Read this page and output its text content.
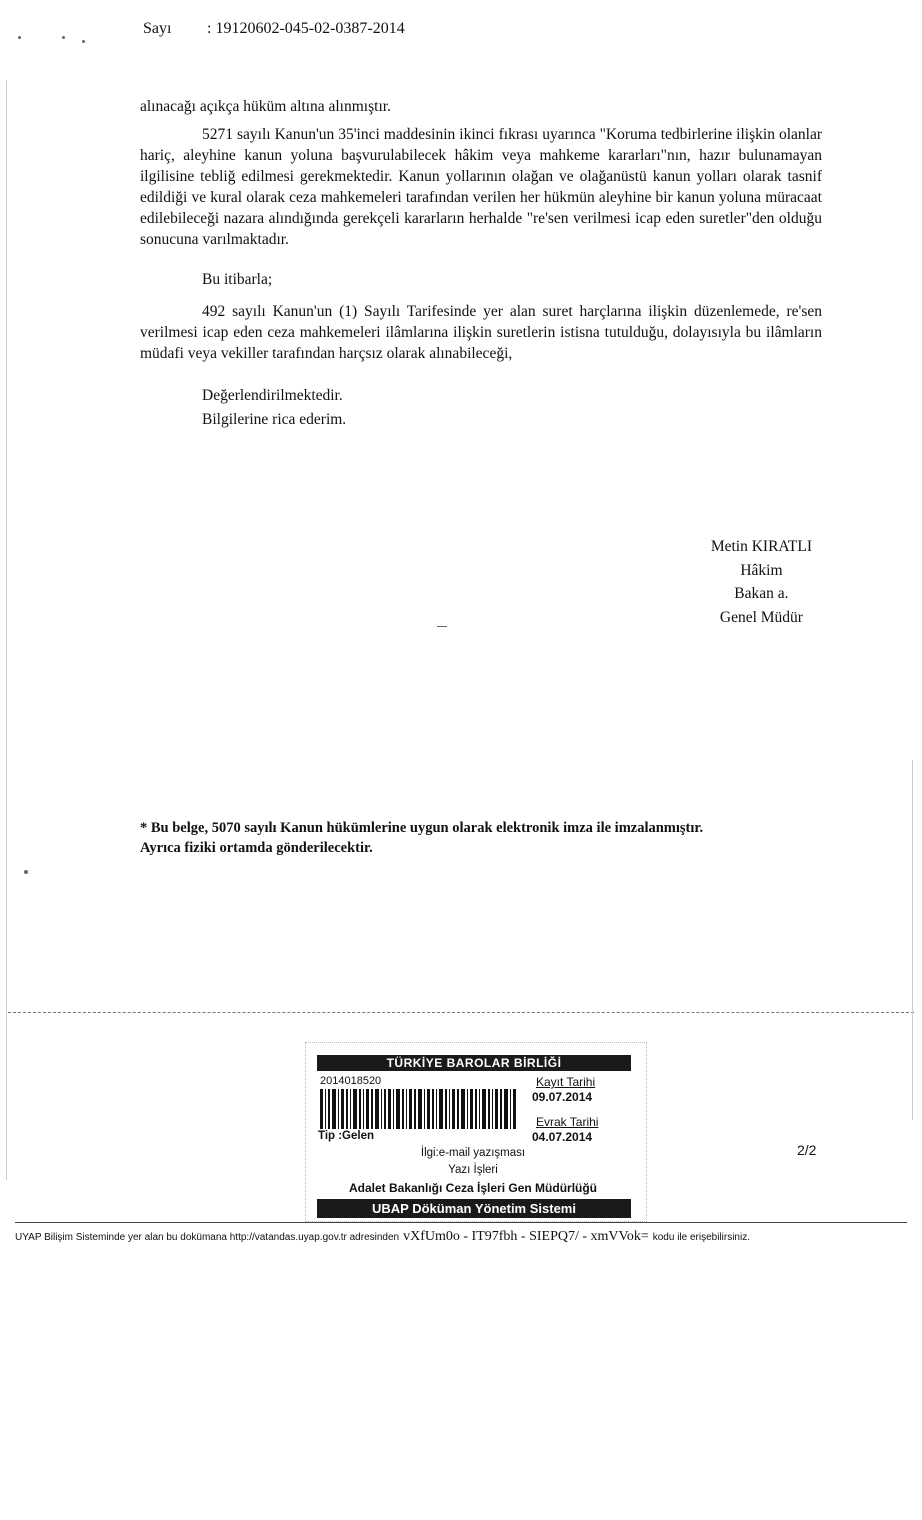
Sayı : 19120602-045-02-0387-2014
alınacağı açıkça hüküm altına alınmıştır.

5271 sayılı Kanun'un 35'inci maddesinin ikinci fıkrası uyarınca "Koruma tedbirlerine ilişkin olanlar hariç, aleyhine kanun yoluna başvurulabilecek hâkim veya mahkeme kararları"nın, hazır bulunamayan ilgilisine tebliğ edilmesi gerekmektedir. Kanun yollarının olağan ve olağanüstü kanun yolları olarak tasnif edildiği ve kural olarak ceza mahkemeleri tarafından verilen her hükmün aleyhine bir kanun yoluna müracaat edilebileceği nazara alındığında gerekçeli kararların herhalde "re'sen verilmesi icap eden suretler"den olduğu sonucuna varılmaktadır.

Bu itibarla;

492 sayılı Kanun'un (1) Sayılı Tarifesinde yer alan suret harçlarına ilişkin düzenlemede, re'sen verilmesi icap eden ceza mahkemeleri ilâmlarına ilişkin suretlerin istisna tutulduğu, dolayısıyla bu ilâmların müdafi veya vekiller tarafından harçsız olarak alınabileceği,

Değerlendirilmektedir.
Bilgilerine rica ederim.
Metin KIRATLI
Hâkim
Bakan a.
Genel Müdür
* Bu belge, 5070 sayılı Kanun hükümlerine uygun olarak elektronik imza ile imzalanmıştır.
Ayrıca fiziki ortamda gönderilecektir.
TÜRKİYE BAROLAR BİRLİĞİ
2014018520	Kayıt Tarihi
09.07.2014
Evrak Tarihi
04.07.2014
Tip :Gelen
İlgi:e-mail yazışması
Yazı İşleri
Adalet Bakanlığı Ceza İşleri Gen Müdürlüğü
UBAP Döküman Yönetim Sistemi
2/2
UYAP Bilişim Sisteminde yer alan bu dokümana http://vatandas.uyap.gov.tr adresinden vXfUm0o - IT97fbh - SIEPQ7/ - xmVVok= kodu ile erişebilirsiniz.
